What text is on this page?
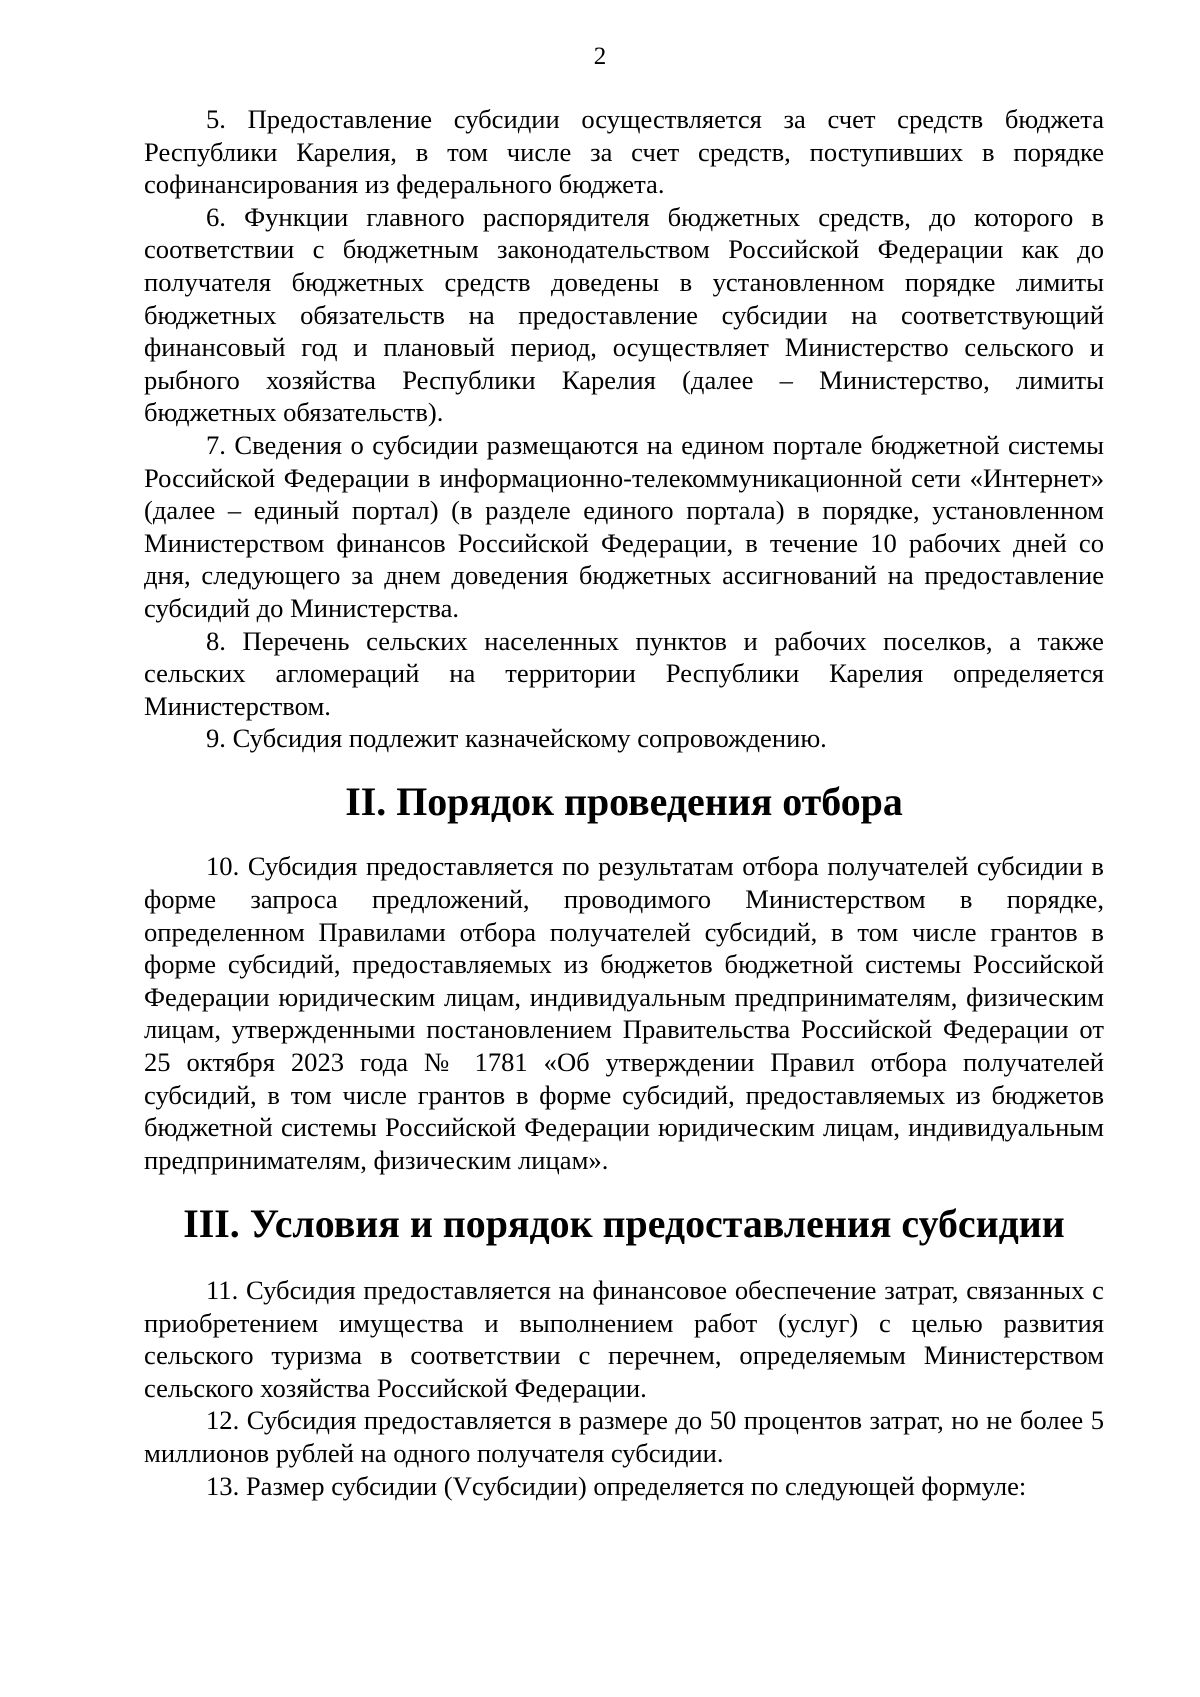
2

5. Предоставление субсидии осуществляется за счет средств бюджета Республики Карелия, в том числе за счет средств, поступивших в порядке софинансирования из федерального бюджета.

6. Функции главного распорядителя бюджетных средств, до которого в соответствии с бюджетным законодательством Российской Федерации как до получателя бюджетных средств доведены в установленном порядке лимиты бюджетных обязательств на предоставление субсидии на соответствующий финансовый год и плановый период, осуществляет Министерство сельского и рыбного хозяйства Республики Карелия (далее – Министерство, лимиты бюджетных обязательств).

7. Сведения о субсидии размещаются на едином портале бюджетной системы Российской Федерации в информационно-телекоммуникационной сети «Интернет» (далее – единый портал) (в разделе единого портала) в порядке, установленном Министерством финансов Российской Федерации, в течение 10 рабочих дней со дня, следующего за днем доведения бюджетных ассигнований на предоставление субсидий до Министерства.

8. Перечень сельских населенных пунктов и рабочих поселков, а также сельских агломераций на территории Республики Карелия определяется Министерством.

9. Субсидия подлежит казначейскому сопровождению.

II. Порядок проведения отбора

10. Субсидия предоставляется по результатам отбора получателей субсидии в форме запроса предложений, проводимого Министерством в порядке, определенном Правилами отбора получателей субсидий, в том числе грантов в форме субсидий, предоставляемых из бюджетов бюджетной системы Российской Федерации юридическим лицам, индивидуальным предпринимателям, физическим лицам, утвержденными постановлением Правительства Российской Федерации от 25 октября 2023 года № 1781 «Об утверждении Правил отбора получателей субсидий, в том числе грантов в форме субсидий, предоставляемых из бюджетов бюджетной системы Российской Федерации юридическим лицам, индивидуальным предпринимателям, физическим лицам».

III. Условия и порядок предоставления субсидии

11. Субсидия предоставляется на финансовое обеспечение затрат, связанных с приобретением имущества и выполнением работ (услуг) с целью развития сельского туризма в соответствии с перечнем, определяемым Министерством сельского хозяйства Российской Федерации.

12. Субсидия предоставляется в размере до 50 процентов затрат, но не более 5 миллионов рублей на одного получателя субсидии.

13. Размер субсидии (Vсубсидии) определяется по следующей формуле:
